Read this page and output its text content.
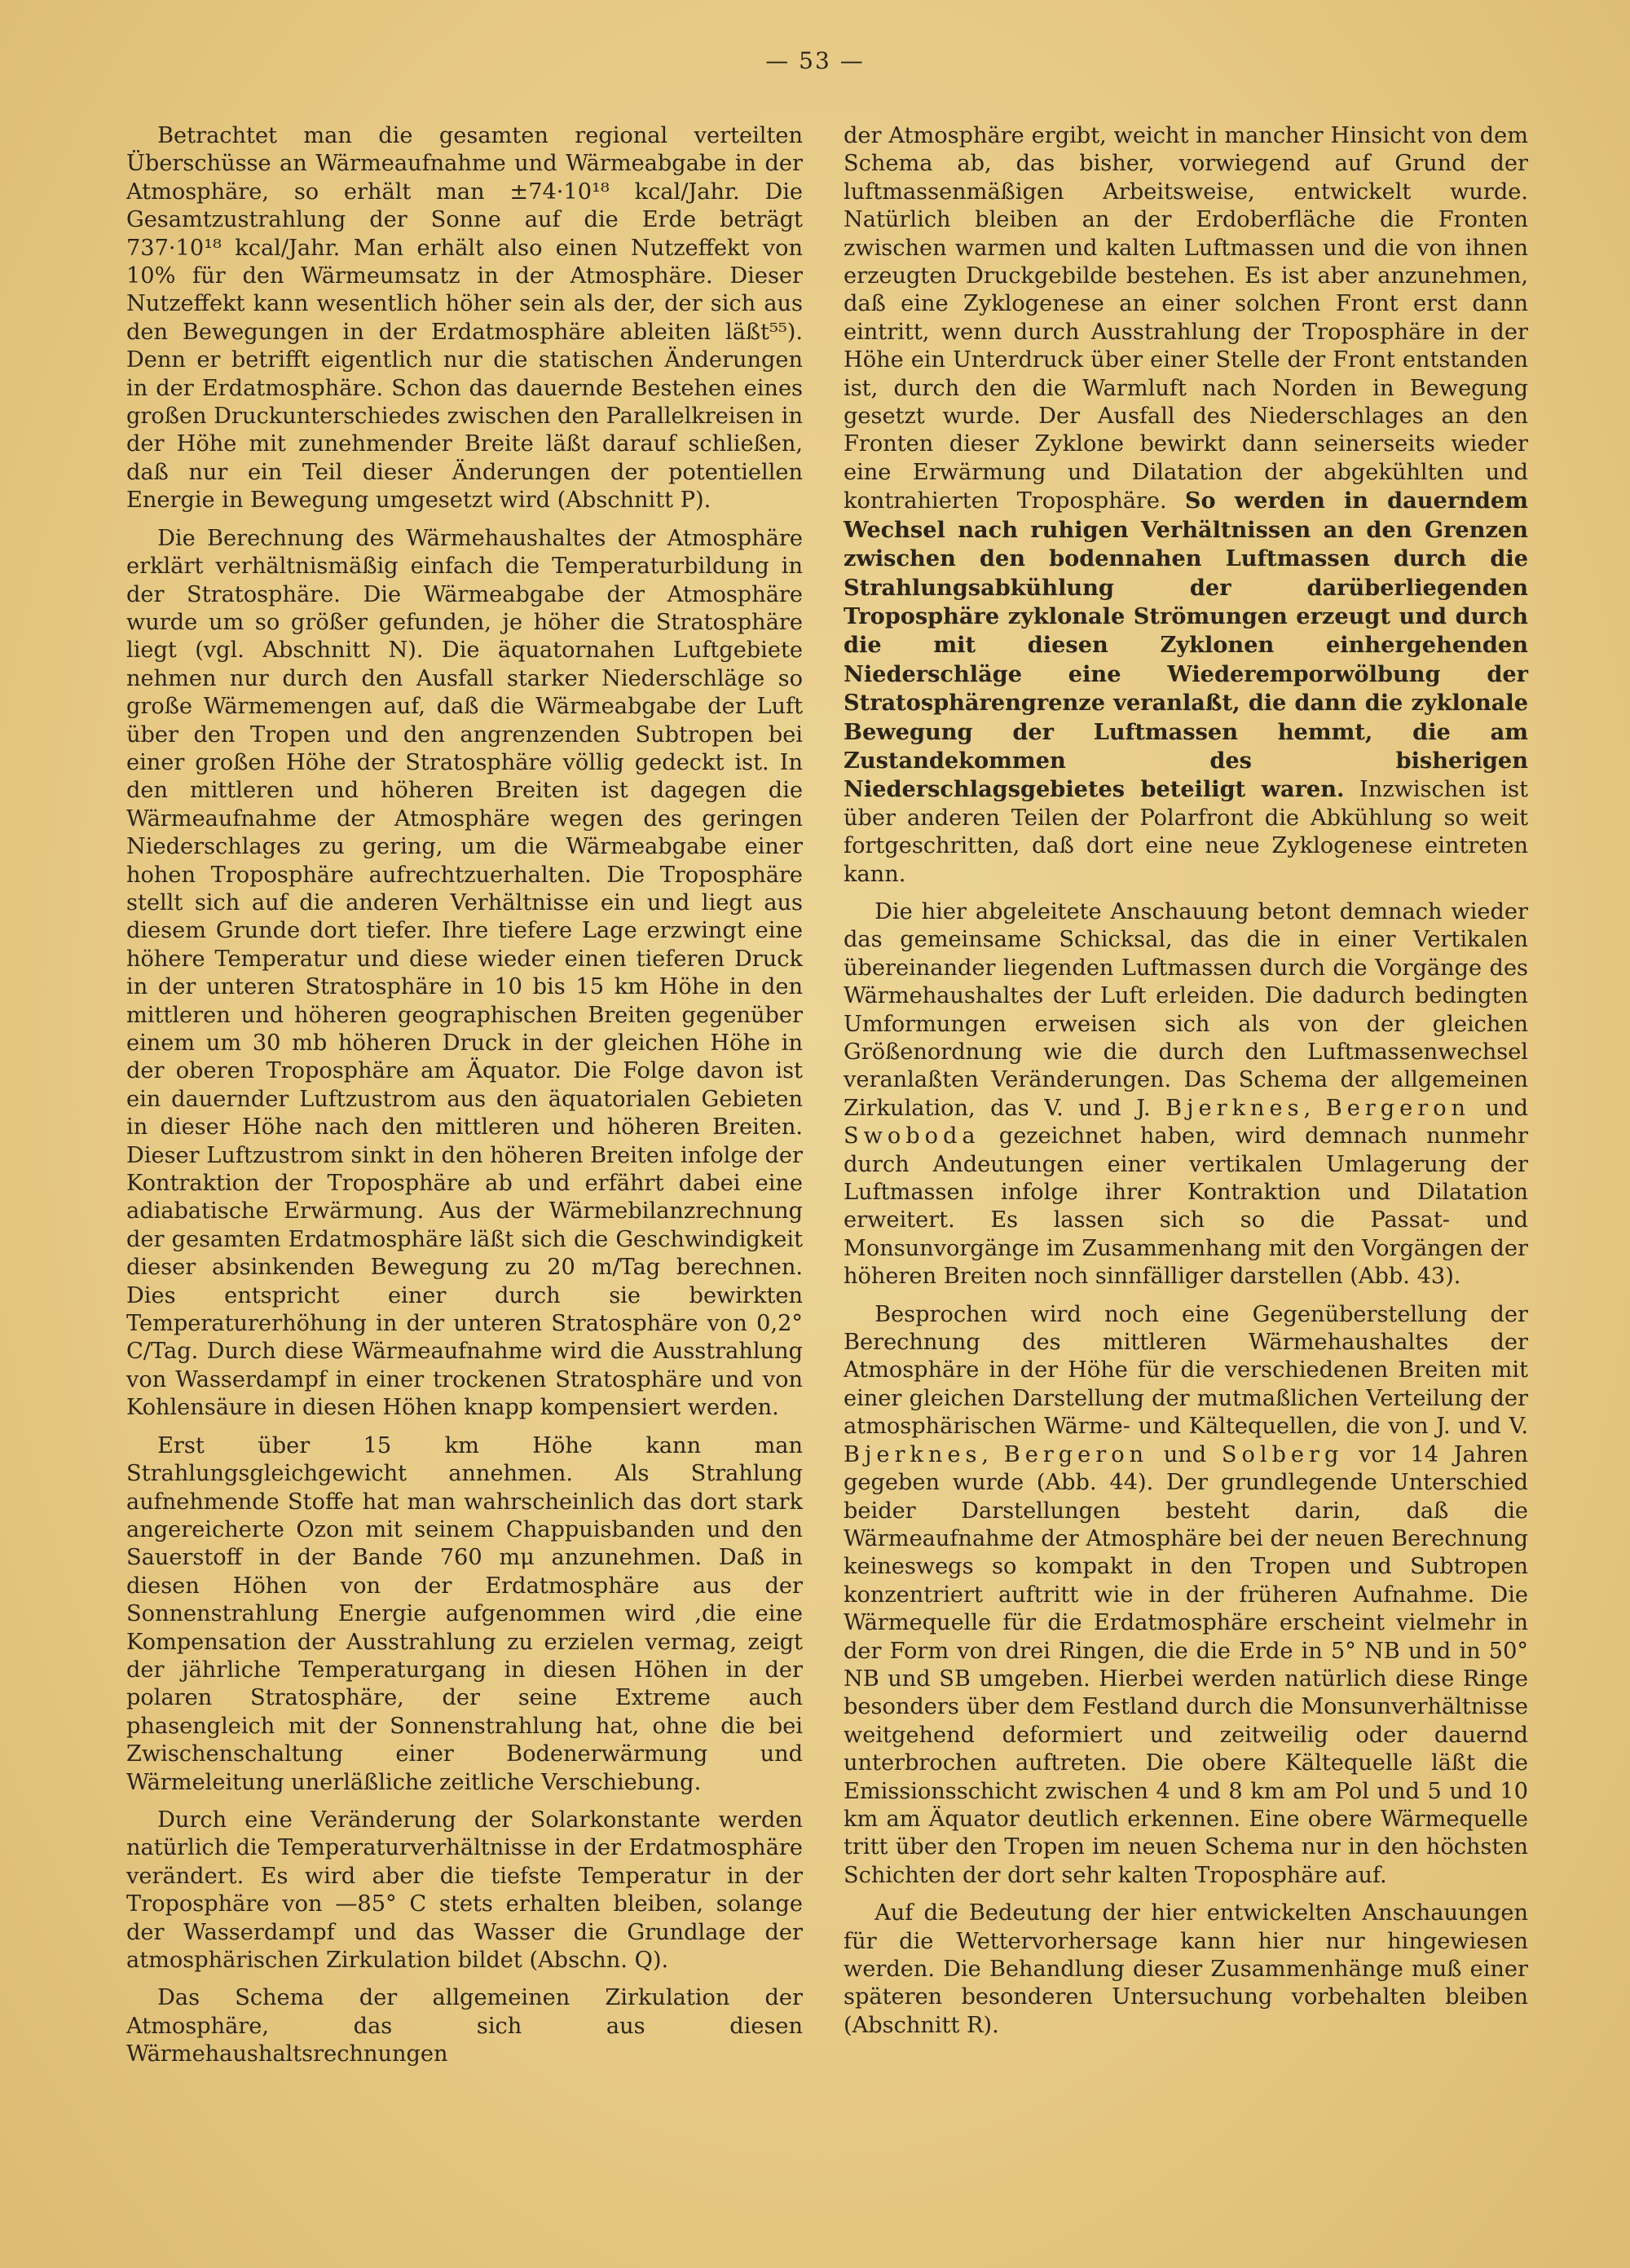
— 53 —

Betrachtet man die gesamten regional verteilten Überschüsse an Wärmeaufnahme und Wärmeabgabe in der Atmosphäre, so erhält man ±74·10¹⁸ kcal/Jahr. Die Gesamtzustrahlung der Sonne auf die Erde beträgt 737·10¹⁸ kcal/Jahr. Man erhält also einen Nutzeffekt von 10% für den Wärmeumsatz in der Atmosphäre. Dieser Nutzeffekt kann wesentlich höher sein als der, der sich aus den Bewegungen in der Erdatmosphäre ableiten läßt⁵⁵). Denn er betrifft eigentlich nur die statischen Änderungen in der Erdatmosphäre. Schon das dauernde Bestehen eines großen Druckunterschiedes zwischen den Parallelkreisen in der Höhe mit zunehmender Breite läßt darauf schließen, daß nur ein Teil dieser Änderungen der potentiellen Energie in Bewegung umgesetzt wird (Abschnitt P).

Die Berechnung des Wärmehaushaltes der Atmosphäre erklärt verhältnismäßig einfach die Temperaturbildung in der Stratosphäre. Die Wärmeabgabe der Atmosphäre wurde um so größer gefunden, je höher die Stratosphäre liegt (vgl. Abschnitt N). Die äquatornahen Luftgebiete nehmen nur durch den Ausfall starker Niederschläge so große Wärmemengen auf, daß die Wärmeabgabe der Luft über den Tropen und den angrenzenden Subtropen bei einer großen Höhe der Stratosphäre völlig gedeckt ist. In den mittleren und höheren Breiten ist dagegen die Wärmeaufnahme der Atmosphäre wegen des geringen Niederschlages zu gering, um die Wärmeabgabe einer hohen Troposphäre aufrechtzuerhalten. Die Troposphäre stellt sich auf die anderen Verhältnisse ein und liegt aus diesem Grunde dort tiefer. Ihre tiefere Lage erzwingt eine höhere Temperatur und diese wieder einen tieferen Druck in der unteren Stratosphäre in 10 bis 15 km Höhe in den mittleren und höheren geographischen Breiten gegenüber einem um 30 mb höheren Druck in der gleichen Höhe in der oberen Troposphäre am Äquator. Die Folge davon ist ein dauernder Luftzustrom aus den äquatorialen Gebieten in dieser Höhe nach den mittleren und höheren Breiten. Dieser Luftzustrom sinkt in den höheren Breiten infolge der Kontraktion der Troposphäre ab und erfährt dabei eine adiabatische Erwärmung. Aus der Wärmebilanzrechnung der gesamten Erdatmosphäre läßt sich die Geschwindigkeit dieser absinkenden Bewegung zu 20 m/Tag berechnen. Dies entspricht einer durch sie bewirkten Temperaturerhöhung in der unteren Stratosphäre von 0,2° C/Tag. Durch diese Wärmeaufnahme wird die Ausstrahlung von Wasserdampf in einer trockenen Stratosphäre und von Kohlensäure in diesen Höhen knapp kompensiert werden.

Erst über 15 km Höhe kann man Strahlungsgleichgewicht annehmen. Als Strahlung aufnehmende Stoffe hat man wahrscheinlich das dort stark angereicherte Ozon mit seinem Chappuisbanden und den Sauerstoff in der Bande 760 mμ anzunehmen. Daß in diesen Höhen von der Erdatmosphäre aus der Sonnenstrahlung Energie aufgenommen wird ,die eine Kompensation der Ausstrahlung zu erzielen vermag, zeigt der jährliche Temperaturgang in diesen Höhen in der polaren Stratosphäre, der seine Extreme auch phasengleich mit der Sonnenstrahlung hat, ohne die bei Zwischenschaltung einer Bodenerwärmung und Wärmeleitung unerläßliche zeitliche Verschiebung.

Durch eine Veränderung der Solarkonstante werden natürlich die Temperaturverhältnisse in der Erdatmosphäre verändert. Es wird aber die tiefste Temperatur in der Troposphäre von —85° C stets erhalten bleiben, solange der Wasserdampf und das Wasser die Grundlage der atmosphärischen Zirkulation bildet (Abschn. Q).

Das Schema der allgemeinen Zirkulation der Atmosphäre, das sich aus diesen Wärmehaushaltsrechnungen

der Atmosphäre ergibt, weicht in mancher Hinsicht von dem Schema ab, das bisher, vorwiegend auf Grund der luftmassenmäßigen Arbeitsweise, entwickelt wurde. Natürlich bleiben an der Erdoberfläche die Fronten zwischen warmen und kalten Luftmassen und die von ihnen erzeugten Druckgebilde bestehen. Es ist aber anzunehmen, daß eine Zyklogenese an einer solchen Front erst dann eintritt, wenn durch Ausstrahlung der Troposphäre in der Höhe ein Unterdruck über einer Stelle der Front entstanden ist, durch den die Warmluft nach Norden in Bewegung gesetzt wurde. Der Ausfall des Niederschlages an den Fronten dieser Zyklone bewirkt dann seinerseits wieder eine Erwärmung und Dilatation der abgekühlten und kontrahierten Troposphäre. So werden in dauerndem Wechsel nach ruhigen Verhältnissen an den Grenzen zwischen den bodennahen Luftmassen durch die Strahlungsabkühlung der darüberliegenden Troposphäre zyklonale Strömungen erzeugt und durch die mit diesen Zyklonen einhergehenden Niederschläge eine Wiederemporwölbung der Stratosphärengrenze veranlaßt, die dann die zyklonale Bewegung der Luftmassen hemmt, die am Zustandekommen des bisherigen Niederschlagsgebietes beteiligt waren. Inzwischen ist über anderen Teilen der Polarfront die Abkühlung so weit fortgeschritten, daß dort eine neue Zyklogenese eintreten kann.

Die hier abgeleitete Anschauung betont demnach wieder das gemeinsame Schicksal, das die in einer Vertikalen übereinander liegenden Luftmassen durch die Vorgänge des Wärmehaushaltes der Luft erleiden. Die dadurch bedingten Umformungen erweisen sich als von der gleichen Größenordnung wie die durch den Luftmassenwechsel veranlaßten Veränderungen. Das Schema der allgemeinen Zirkulation, das V. und J. Bjerknes, Bergeron und Swoboda gezeichnet haben, wird demnach nunmehr durch Andeutungen einer vertikalen Umlagerung der Luftmassen infolge ihrer Kontraktion und Dilatation erweitert. Es lassen sich so die Passat- und Monsunvorgänge im Zusammenhang mit den Vorgängen der höheren Breiten noch sinnfälliger darstellen (Abb. 43).

Besprochen wird noch eine Gegenüberstellung der Berechnung des mittleren Wärmehaushaltes der Atmosphäre in der Höhe für die verschiedenen Breiten mit einer gleichen Darstellung der mutmaßlichen Verteilung der atmosphärischen Wärme- und Kältequellen, die von J. und V. Bjerknes, Bergeron und Solberg vor 14 Jahren gegeben wurde (Abb. 44). Der grundlegende Unterschied beider Darstellungen besteht darin, daß die Wärmeaufnahme der Atmosphäre bei der neuen Berechnung keineswegs so kompakt in den Tropen und Subtropen konzentriert auftritt wie in der früheren Aufnahme. Die Wärmequelle für die Erdatmosphäre erscheint vielmehr in der Form von drei Ringen, die die Erde in 5° NB und in 50° NB und SB umgeben. Hierbei werden natürlich diese Ringe besonders über dem Festland durch die Monsunverhältnisse weitgehend deformiert und zeitweilig oder dauernd unterbrochen auftreten. Die obere Kältequelle läßt die Emissionsschicht zwischen 4 und 8 km am Pol und 5 und 10 km am Äquator deutlich erkennen. Eine obere Wärmequelle tritt über den Tropen im neuen Schema nur in den höchsten Schichten der dort sehr kalten Troposphäre auf.

Auf die Bedeutung der hier entwickelten Anschauungen für die Wettervorhersage kann hier nur hingewiesen werden. Die Behandlung dieser Zusammenhänge muß einer späteren besonderen Untersuchung vorbehalten bleiben (Abschnitt R).
